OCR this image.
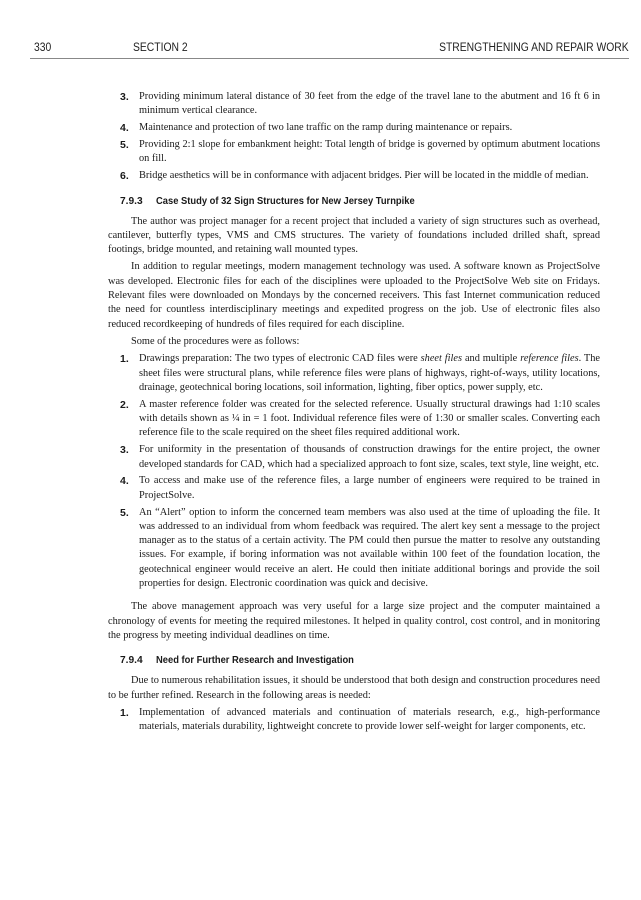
330	SECTION 2	STRENGTHENING AND REPAIR WORK
3. Providing minimum lateral distance of 30 feet from the edge of the travel lane to the abutment and 16 ft 6 in minimum vertical clearance.
4. Maintenance and protection of two lane traffic on the ramp during maintenance or repairs.
5. Providing 2:1 slope for embankment height: Total length of bridge is governed by optimum abutment locations on fill.
6. Bridge aesthetics will be in conformance with adjacent bridges. Pier will be located in the middle of median.
7.9.3 Case Study of 32 Sign Structures for New Jersey Turnpike

The author was project manager for a recent project that included a variety of sign structures such as overhead, cantilever, butterfly types, VMS and CMS structures. The variety of foundations included drilled shaft, spread footings, bridge mounted, and retaining wall mounted types.

In addition to regular meetings, modern management technology was used. A software known as ProjectSolve was developed. Electronic files for each of the disciplines were uploaded to the ProjectSolve Web site on Fridays. Relevant files were downloaded on Mondays by the concerned receivers. This fast Internet communication reduced the need for countless interdisciplinary meetings and expedited progress on the job. Use of electronic files also reduced recordkeeping of hundreds of files required for each discipline.

Some of the procedures were as follows:

1. Drawings preparation: The two types of electronic CAD files were sheet files and multiple reference files. The sheet files were structural plans, while reference files were plans of highways, right-of-ways, utility locations, drainage, geotechnical boring locations, soil information, lighting, fiber optics, power supply, etc.
2. A master reference folder was created for the selected reference. Usually structural drawings had 1:10 scales with details shown as ¼ in = 1 foot. Individual reference files were of 1:30 or smaller scales. Converting each reference file to the scale required on the sheet files required additional work.
3. For uniformity in the presentation of thousands of construction drawings for the entire project, the owner developed standards for CAD, which had a specialized approach to font size, scales, text style, line weight, etc.
4. To access and make use of the reference files, a large number of engineers were required to be trained in ProjectSolve.
5. An “Alert” option to inform the concerned team members was also used at the time of uploading the file. It was addressed to an individual from whom feedback was required. The alert key sent a message to the project manager as to the status of a certain activity. The PM could then pursue the matter to resolve any outstanding issues. For example, if boring information was not available within 100 feet of the foundation location, the geotechnical engineer would receive an alert. He could then initiate additional borings and provide the soil properties for design. Electronic coordination was quick and decisive.

The above management approach was very useful for a large size project and the computer maintained a chronology of events for meeting the required milestones. It helped in quality control, cost control, and in monitoring the progress by meeting individual deadlines on time.

7.9.4 Need for Further Research and Investigation

Due to numerous rehabilitation issues, it should be understood that both design and construction procedures need to be further refined. Research in the following areas is needed:

1. Implementation of advanced materials and continuation of materials research, e.g., high-performance materials, materials durability, lightweight concrete to provide lower self-weight for larger components, etc.
